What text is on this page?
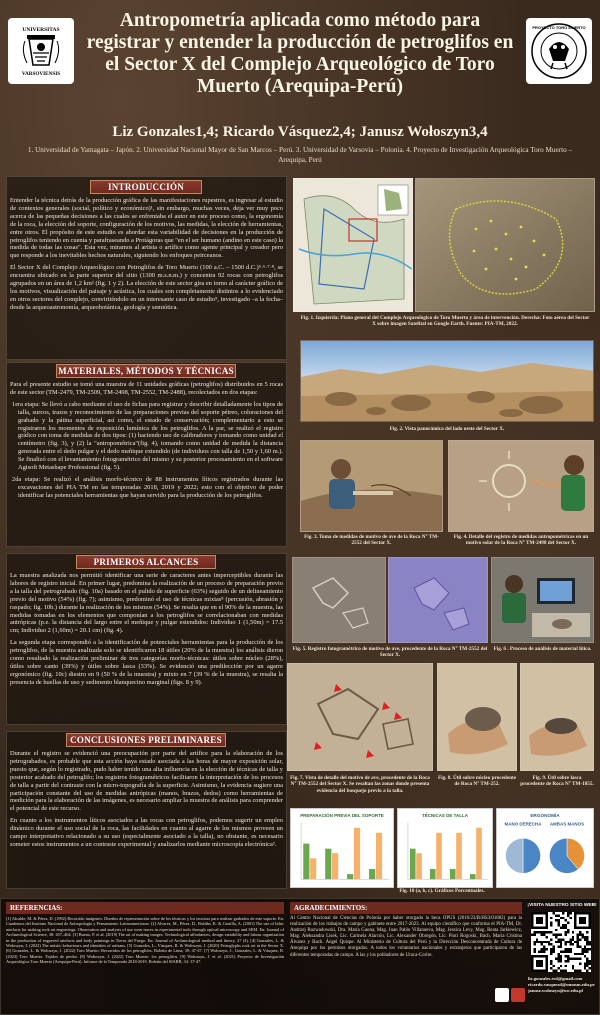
UNIVERSITAS
VARSOVIENSIS
Antropometría aplicada como método para registrar y entender la producción de petroglifos en el Sector X del Complejo Arqueológico de Toro Muerto (Arequipa-Perú)
PROYECTO TORO MUERTO
Liz Gonzales1,4; Ricardo Vásquez2,4; Janusz Wołoszyn3,4
1. Universidad de Yamagata – Japón. 2. Universidad Nacional Mayor de San Marcos – Perú. 3. Universidad de Varsovia – Polonia. 4. Proyecto de Investigación Arqueológica Toro Muerto – Arequipa, Perú
INTRODUCCIÓN

Entender la técnica detrás de la producción gráfica de las manifestaciones rupestres, es ingresar al estudio de contextos generales (social, político y económico)¹, sin embargo, muchas veces, deja ver muy poco acerca de las pequeñas decisiones a las cuales se enfrentaba el autor en este proceso como, la ergonomía de la roca, la elección del soporte, configuración de los motivos, las medidas, la elección de herramientas, entre otros. El propósito de este estudio es abordar esta variabilidad de decisiones en la producción de petroglifos teniendo en cuenta y parafraseando a Protágoras que "en el ser humano (andino en este caso) la medida de todas las cosas". Esta vez, miramos al artista o artífice como agente principal y creador pero que responde a los inevitables hechos naturales, siguiendo los enfoques peirceanos.

El Sector X del Complejo Arqueológico con Petroglifos de Toro Muerto (100 a.C. – 1500 d.C.)⁵·⁶·⁷·⁸, se encuentra ubicado en la parte superior del sitio (1300 m.s.n.m.) y concentra 92 rocas con petroglifos agrupados en un área de 1,2 km² (fig. 1 y 2). La elección de este sector gira en torno al carácter gráfico de los motivos, visualización del paisaje y acústica, los cuales son completamente distintos a lo evidenciado en otros sectores del complejo, convirtiéndolo en un interesante caso de estudio⁹, investigado –a la fecha– desde la arqueoastronomía, arqueobotánica, geología y semiótica.

MATERIALES, MÉTODOS Y TÉCNICAS

Para el presente estudio se tomó una muestra de 11 unidades gráficas (petroglifos) distribuidos en 5 rocas de este sector (TM-2479, TM-2509, TM-2498, TM-2552, TM-2488), recolectados en dos etapas:

1era etapa: Se llevó a cabo mediante el uso de fichas para registrar y describir detalladamente los tipos de talla, surcos, trazos y reconocimiento de las preparaciones previas del soporte pétreo, coloraciones del grabado y la pátina superficial, así como, el estado de conservación; complementario a esto se registraron los momentos de exposición lumínica de los petroglifos. A la par, se realizó el registro gráfico con toma de medidas de dos tipos: (1) haciendo uso de calibradores y tomando como unidad el centímetro (fig. 3), y (2) la "antropométrica"(fig. 4), tomando como unidad de medida la distancia generada entre el dedo pulgar y el dedo meñique extendido (de individuos con talla de 1,50 y 1,60 m.). Se finalizó con el levantamiento fotogramétrico del mismo y su posterior procesamiento en el software Agisoft Metashape Professional (fig. 5).

2da etapa: Se realizó el análisis morfo-técnico de 88 instrumentos líticos registrados durante las excavaciones del PIA TM en las temporadas 2018, 2019 y 2022; esto con el objetivo de poder identificar las potenciales herramientas que hayan servido para la producción de los petroglifos.

PRIMEROS ALCANCES

La muestra analizada nos permitió identificar una serie de caracteres antes imperceptibles durante las labores de registro inicial. En primer lugar, predomina la realización de un proceso de preparación previo a la talla del petrograbado (fig. 10a) basado en el pulido de superficie (63%) seguido de un delineamiento previo del motivo (54%) (fig. 7); asimismo, predominó el uso de técnicas mixtas⁸ (percusión, abrasión y raspado; fig. 10b.) durante la realización de los mismos (54%). Se resalta que en el 90% de la muestra, las medidas tomadas en los elementos que componían a los petroglifos se correlacionaban con medidas antrópicas (p.e. la distancia del largo entre el meñique y pulgar estendidos: Individuo 1 (1,50m) = 17.5 cm; Individuo 2 (1,60m) = 20.1 cm) (fig. 4).

La segunda etapa correspondió a la identificación de potenciales herramientas para la producción de los petroglifos, de la muestra analizada solo se identificaron 18 útiles (20% de la muestra) los análisis dieron como resultado la realización preliminar de tres categorías morfo-técnicas: útiles sobre núcleo (28%), útiles sobre canto (39%) y útiles sobre lasca (33%). Se evidenció una predilección por un agarre ergonómico (fig. 10c) diestro en 9 (50 % de la muestra) y mixto en 7 (39 % de la muestra), se resalta la presencia de huellas de uso y sedimento blanquecino marginal (figs. 8 y 9).

CONCLUSIONES PRELIMINARES

Durante el registro se evidenció una preocupación por parte del artífice para la elaboración de los petrograbados, es probable que esta acción haya estado asociada a las horas de mayor exposición solar, puesto que, según lo registrado, pudo haber tenido una alta influencia en la elección de técnicas de talla y posterior acabado del petroglifo; los registros fotogramétricos facilitaron la interpretación de los procesos de talla a partir del contraste con la micro-topografía de la superficie. Asimismo, la evidencia sugiere una participación constante del uso de medidas antrópicas (manos, brazos, dedos) como herramientas de medición para la elaboración de las imágenes, es necesario ampliar la muestra de análisis para comprender el potencial de este recurso.

En cuanto a los instrumentos líticos asociados a las rocas con petroglifos, podemos sugerir un empleo dinámico durante el uso social de la roca, las facilidades en cuanto al agarre de los mismos proveen un campo interpretativo relacionado a su uso (especialmente asociado a la talla), no obstante, es necesario someter estos instrumentos a un contraste experimental y analizarlos mediante microscopía electrónica².

Fig. 1. Izquierda: Plano general del Complejo Arqueológico de Toro Muerto y área de intervención. Derecha: Foto aérea del Sector X sobre imagen Satelital en Google Earth. Fuente: PIA-TM, 2022.
Fig. 2. Vista panorámica del lado oeste del Sector X.
Fig. 3. Toma de medidas de motivo de ave de la Roca N° TM-2552 del Sector X.
Fig. 4. Detalle del registro de medidas antropométricas en un motivo solar de la Roca N° TM-2498 del Sector X.
Fig. 5. Registro fotogramétrico de motivo de ave, procedente de la Roca N° TM-2552 del Sector X.
Fig. 6 . Proceso de análisis de material lítico.
Fig. 7. Vista de detalle del motivo de ave, procedente de la Roca N° TM-2552 del Sector X. Se resaltan las zonas donde presenta evidencia del bosquejo previo a la talla.
Fig. 8. Útil sobre núcleo procedente de Roca N° TM-252.
Fig. 9. Útil sobre lasca procedente de Roca N° TM-1855.
PREPARACIÓN PREVIA DEL SOPORTE	TÉCNICAS DE TALLA	ERGONOMÍA
MANO DERECHA AMBAS MANOS
Fig. 10 (a, b, c). Gráficos Porcentuales.
REFERENCIAS:
[1] Alcalde, M. & Pérez, D. (1992) Recorrido imágenes: Diseños de representación sobre de los técnicas y los tecnicas para realizar grabados de este soporte. En: Cuadernos del Instituto Nacional de Antropología y Pensamiento Latinoamericano. [2] Alvarez, M., Pérez, D., Roldán, K. & Castilla, A. (2001) The use of lithic artefacts for making rock art engravings: Observation and analysis of use wear traces in experimental tools through optical microscopy and SEM. En: Journal of Archaeological Science, 38: 457–464. [3] Bueno, P. et al. (2019) The art of making images: Technological affordances, design variability and labour organization in the production of engraved artefacts and body paintings in Tierra del Fuego. En: Journal of Archaeological method and theory, 27 (4). [4] Gonzales, L. & Wołoszyn, J. (2022) The artistic behaviours and identities of artisans. [5] Gonzales, L., Vásquez, R. & Wołoszyn, J. (2020) Petroglyphs rock art in the Sector X. [6] Gonzales, L. & Wołoszyn, J. (2022) Toro Muerto: Recorridos de los petroglifos. Boletín de Lima, 39: 47-47. [7] Wołoszyn, J., Gonzales, L. & Vásquez, R. (2023) Toro Muerto. Tejidos de piedra. [8] Wołoszyn, J. (2022) Toro Muerto: los petroglifos. [9] Wołoszyn, J. et al. (2021) Proyecto de Investigación Arqueológica Toro Muerto (Arequipa-Perú). Informe de la Temporada 2018-2019. Boletín del SIARB, 34: 37-47.
AGRADECIMIENTOS:
Al Centro Nacional de Ciencias de Polonia por haber otorgado la beca OPUS (2016/23/B/HS3/01882) para la realización de los trabajos de campo y gabinete entre 2017-2023. Al equipo científico que conforma el PIA-TM, Dr. Andrzej Rozwadowski, Dra. María Gaona, Mag. Juan Pablo Villanueva, Mag. Jessica Levy, Mag. Beata Jarkiewicz, Mag. Aleksandra Lisek, Lic. Carmela Alarcón, Lic. Alexander Obregón, Lic. Piotr Rogoski, Bach. María Cristina Álvarez y Bach. Ángel Quispe. Al Ministerio de Cultura del Perú y la Dirección Desconcentrada de Cultura de Arequipa por los permisos otorgados. A todos los voluntarios nacionales y extranjeros que participaron de las diferentes temporadas de campo. A las y los pobladores de Uraca-Corire.
¡VISITA NUESTRO SITIO WEB!
liz.gonzales.rsd@gmail.com
ricardo.vasquezd@unmsm.edu.pe
janusz.woloszyn@uw.edu.pl
